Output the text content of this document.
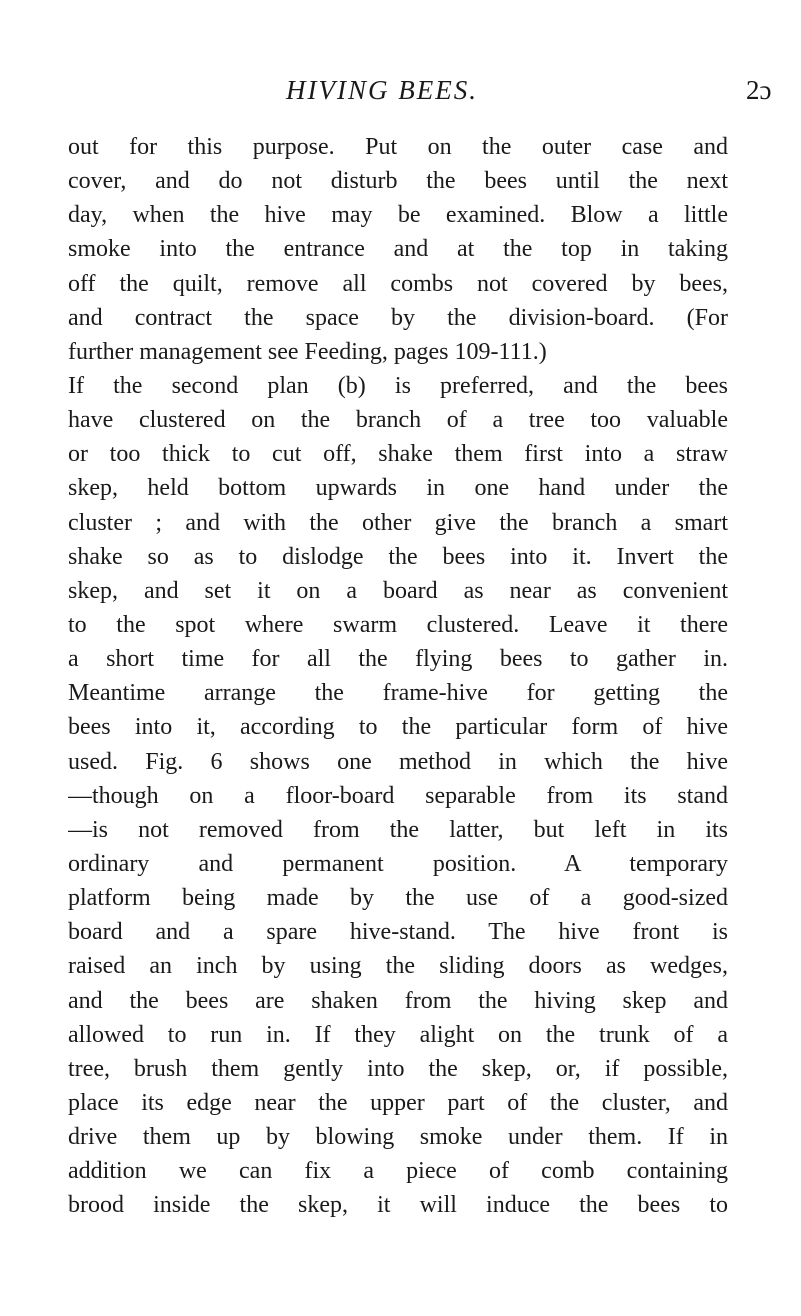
HIVING BEES.	2ɔ
out for this purpose. Put on the outer case and
cover, and do not disturb the bees until the next
day, when the hive may be examined. Blow a little
smoke into the entrance and at the top in taking
off the quilt, remove all combs not covered by bees,
and contract the space by the division-board. (For
further management see Feeding, pages 109-111.)
If the second plan (b) is preferred, and the bees
have clustered on the branch of a tree too valuable
or too thick to cut off, shake them first into a straw
skep, held bottom upwards in one hand under the
cluster ; and with the other give the branch a smart
shake so as to dislodge the bees into it. Invert the
skep, and set it on a board as near as convenient
to the spot where swarm clustered. Leave it there
a short time for all the flying bees to gather in.
Meantime arrange the frame-hive for getting the
bees into it, according to the particular form of hive
used. Fig. 6 shows one method in which the hive
—though on a floor-board separable from its stand
—is not removed from the latter, but left in its
ordinary and permanent position. A temporary
platform being made by the use of a good-sized
board and a spare hive-stand. The hive front is
raised an inch by using the sliding doors as wedges,
and the bees are shaken from the hiving skep and
allowed to run in. If they alight on the trunk of a
tree, brush them gently into the skep, or, if possible,
place its edge near the upper part of the cluster, and
drive them up by blowing smoke under them. If in
addition we can fix a piece of comb containing
brood inside the skep, it will induce the bees to
